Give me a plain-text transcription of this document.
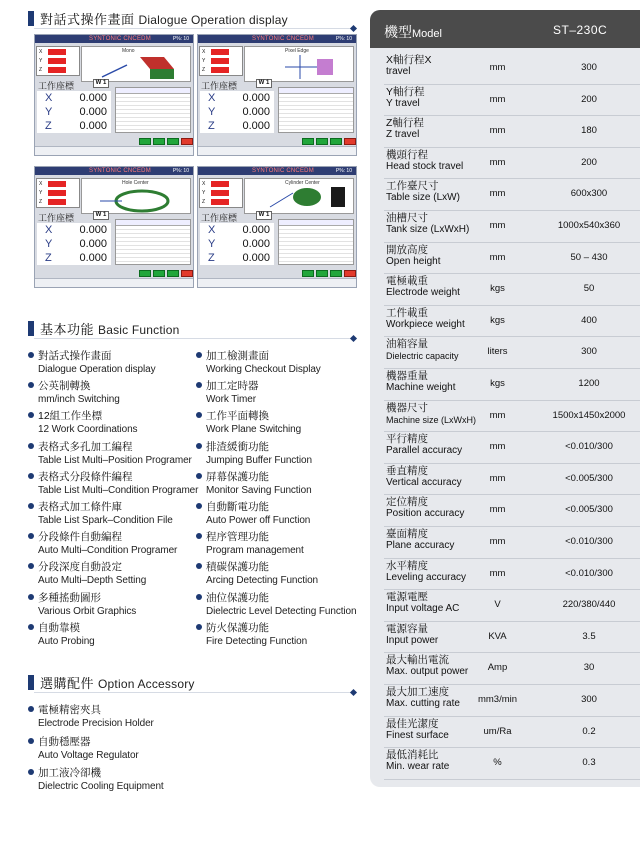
對話式操作畫面 Dialogue Operation display
SYNTONIC CNCEDM	P%: 10
X
Y
Z
Mono
工作座標	W 1
X 0.000
Y 0.000
Z	0.000
SYNTONIC CNCEDM	P%: 10
X
Y
Z
Pixel Edge
工作座標	W 1
X 0.000
Y 0.000
Z	0.000
SYNTONIC CNCEDM	P%: 10
X
Y
Z
Hole Center
工作座標	W 1
X 0.000
Y 0.000
Z	0.000
SYNTONIC CNCEDM	P%: 10
X
Y
Z
Cylinder Center
工作座標	W 1
X 0.000
Y 0.000
Z	0.000
基本功能 Basic Function
對話式操作畫面
Dialogue Operation display
公英制轉換
mm/inch Switching
12組工作坐標
12 Work Coordinations
表格式多孔加工編程
Table List Multi–Position Programer
表格式分段條件編程
Table List Multi–Condition Programer
表格式加工條件庫
Table List Spark–Condition File
分段條件自動編程
Auto Multi–Condition Programer
分段深度自動設定
Auto Multi–Depth Setting
多種搖動圖形
Various Orbit Graphics
自動靠模
Auto Probing
加工檢測畫面
Working Checkout Display
加工定時器
Work Timer
工作平面轉換
Work Plane Switching
排渣緩衝功能
Jumping Buffer Function
屏幕保護功能
Monitor Saving Function
自動斷電功能
Auto Power off Function
程序管理功能
Program management
積碳保護功能
Arcing Detecting Function
油位保護功能
Dielectric Level Detecting Function
防火保護功能
Fire Detecting Function
選購配件 Option Accessory
電極精密夾具
Electrode Precision Holder
自動穩壓器
Auto Voltage Regulator
加工液冷卻機
Dielectric Cooling Equipment
機型Model	ST–230C
X軸行程X
travel	mm	300
Y軸行程
Y travel	mm	200
Z軸行程
Z travel	mm	180
機頭行程
Head stock travel	mm	200
工作臺尺寸
Table size (LxW)	mm	600x300
油槽尺寸
Tank size (LxWxH)	mm	1000x540x360
開放高度
Open height	mm	50 – 430
電極載重
Electrode weight	kgs	50
工件載重
Workpiece weight	kgs	400
油箱容量
Dielectric capacity	liters	300
機器重量
Machine weight	kgs	1200
機器尺寸
Machine size (LxWxH)	mm	1500x1450x2000
平行精度
Parallel accuracy	mm	<0.010/300
垂直精度
Vertical accuracy	mm	<0.005/300
定位精度
Position accuracy	mm	<0.005/300
臺面精度
Plane accuracy	mm	<0.010/300
水平精度
Leveling accuracy	mm	<0.010/300
電源電壓
Input voltage AC	V	220/380/440
電源容量
Input power	KVA	3.5
最大輸出電流
Max. output power	Amp	30
最大加工速度
Max. cutting rate	mm3/min	300
最佳光潔度
Finest surface	um/Ra	0.2
最低消耗比
Min. wear rate	%	0.3
